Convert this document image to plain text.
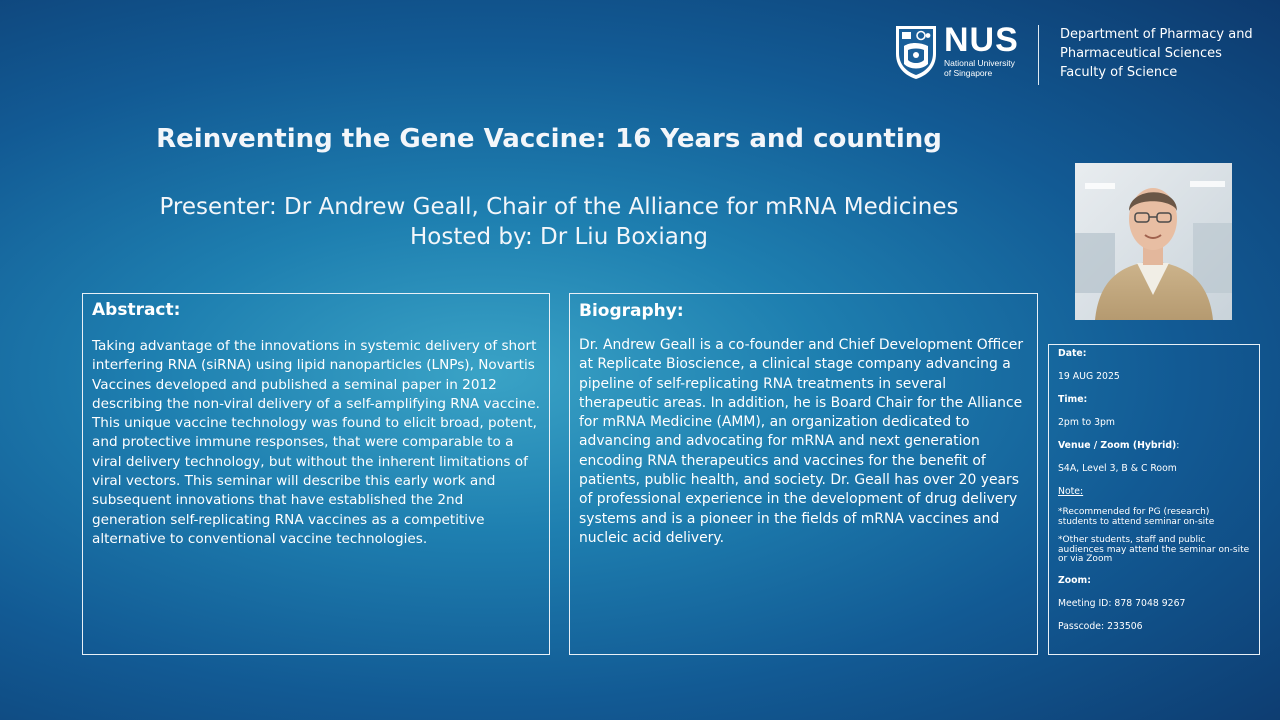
NUS
National University
of Singapore
Department of Pharmacy and
Pharmaceutical Sciences
Faculty of Science
Reinventing the Gene Vaccine: 16 Years and counting
Presenter: Dr Andrew Geall, Chair of the Alliance for mRNA Medicines
Hosted by: Dr Liu Boxiang
Abstract:

Taking advantage of the innovations in systemic delivery of short interfering RNA (siRNA) using lipid nanoparticles (LNPs), Novartis Vaccines developed and published a seminal paper in 2012 describing the non-viral delivery of a self-amplifying RNA vaccine. This unique vaccine technology was found to elicit broad, potent, and protective immune responses, that were comparable to a viral delivery technology, but without the inherent limitations of viral vectors. This seminar will describe this early work and subsequent innovations that have established the 2nd generation self-replicating RNA vaccines as a competitive alternative to conventional vaccine technologies.

Biography:

Dr. Andrew Geall is a co-founder and Chief Development Officer at Replicate Bioscience, a clinical stage company advancing a pipeline of self-replicating RNA treatments in several therapeutic areas. In addition, he is Board Chair for the Alliance for mRNA Medicine (AMM), an organization dedicated to advancing and advocating for mRNA and next generation encoding RNA therapeutics and vaccines for the benefit of patients, public health, and society. Dr. Geall has over 20 years of professional experience in the development of drug delivery systems and is a pioneer in the fields of mRNA vaccines and nucleic acid delivery.

Date:
19 AUG 2025
Time:
2pm to 3pm
Venue / Zoom (Hybrid):
S4A, Level 3, B & C Room
Note:
*Recommended for PG (research) students to attend seminar on-site
*Other students, staff and public audiences may attend the seminar on-site or via Zoom
Zoom:
Meeting ID: 878 7048 9267
Passcode: 233506
